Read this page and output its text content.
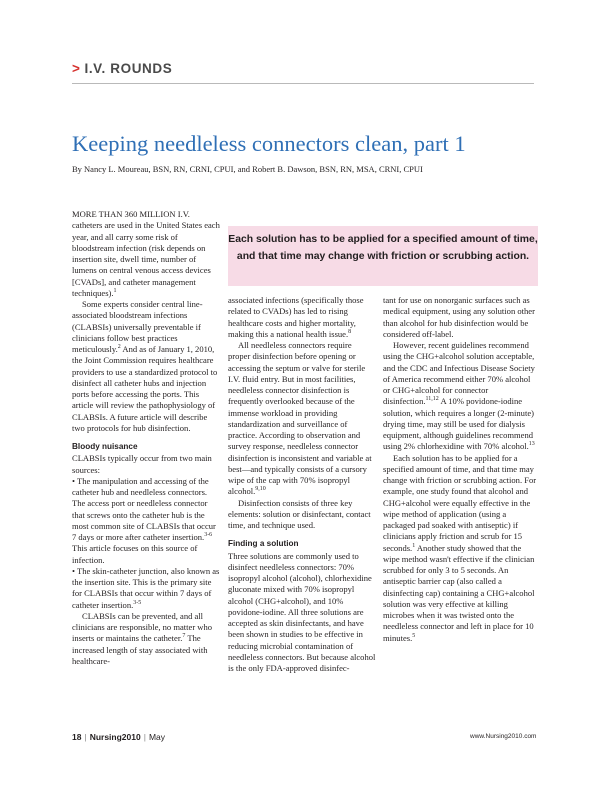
> I.V. ROUNDS
Keeping needleless connectors clean, part 1
By Nancy L. Moureau, BSN, RN, CRNI, CPUI, and Robert B. Dawson, BSN, RN, MSA, CRNI, CPUI

Each solution has to be applied for a specified amount of time, and that time may change with friction or scrubbing action.

MORE THAN 360 MILLION I.V. catheters are used in the United States each year, and all carry some risk of bloodstream infection (risk depends on insertion site, dwell time, number of lumens on central venous access devices [CVADs], and catheter management techniques).$^1$

Some experts consider central line-associated bloodstream infections (CLABSIs) universally preventable if clinicians follow best practices meticulously.$^2$ And as of January 1, 2010, the Joint Commission requires healthcare providers to use a standardized protocol to disinfect all catheter hubs and injection ports before accessing the ports. This article will review the pathophysiology of CLABSIs. A future article will describe two protocols for hub disinfection.

Bloody nuisance

CLABSIs typically occur from two main sources:

• The manipulation and accessing of the catheter hub and needleless connectors. The access port or needleless connector that screws onto the catheter hub is the most common site of CLABSIs that occur 7 days or more after catheter insertion.$^{3-6}$ This article focuses on this source of infection.

• The skin-catheter junction, also known as the insertion site. This is the primary site for CLABSIs that occur within 7 days of catheter insertion.$^{3-5}$

CLABSIs can be prevented, and all clinicians are responsible, no matter who inserts or maintains the catheter.$^7$ The increased length of stay associated with healthcare-

associated infections (specifically those related to CVADs) has led to rising healthcare costs and higher mortality, making this a national health issue.$^8$

All needleless connectors require proper disinfection before opening or accessing the septum or valve for sterile I.V. fluid entry. But in most facilities, needleless connector disinfection is frequently overlooked because of the immense workload in providing standardization and surveillance of practice. According to observation and survey response, needleless connector disinfection is inconsistent and variable at best—and typically consists of a cursory wipe of the cap with 70% isopropyl alcohol.$^{9,10}$

Disinfection consists of three key elements: solution or disinfectant, contact time, and technique used.

Finding a solution

Three solutions are commonly used to disinfect needleless connectors: 70% isopropyl alcohol (alcohol), chlorhexidine gluconate mixed with 70% isopropyl alcohol (CHG+alcohol), and 10% povidone-iodine. All three solutions are accepted as skin disinfectants, and have been shown in studies to be effective in reducing microbial contamination of needleless connectors. But because alcohol is the only FDA-approved disinfec-

tant for use on nonorganic surfaces such as medical equipment, using any solution other than alcohol for hub disinfection would be considered off-label.

However, recent guidelines recommend using the CHG+alcohol solution acceptable, and the CDC and Infectious Disease Society of America recommend either 70% alcohol or CHG+alcohol for connector disinfection.$^{11,12}$ A 10% povidone-iodine solution, which requires a longer (2-minute) drying time, may still be used for dialysis equipment, although guidelines recommend using 2% chlorhexidine with 70% alcohol.$^{13}$

Each solution has to be applied for a specified amount of time, and that time may change with friction or scrubbing action. For example, one study found that alcohol and CHG+alcohol were equally effective in the wipe method of application (using a packaged pad soaked with antiseptic) if clinicians apply friction and scrub for 15 seconds.$^1$ Another study showed that the wipe method wasn't effective if the clinician scrubbed for only 3 to 5 seconds. An antiseptic barrier cap (also called a disinfecting cap) containing a CHG+alcohol solution was very effective at killing microbes when it was twisted onto the needleless connector and left in place for 10 minutes.$^5$

18 | Nursing2010 | May	www.Nursing2010.com
